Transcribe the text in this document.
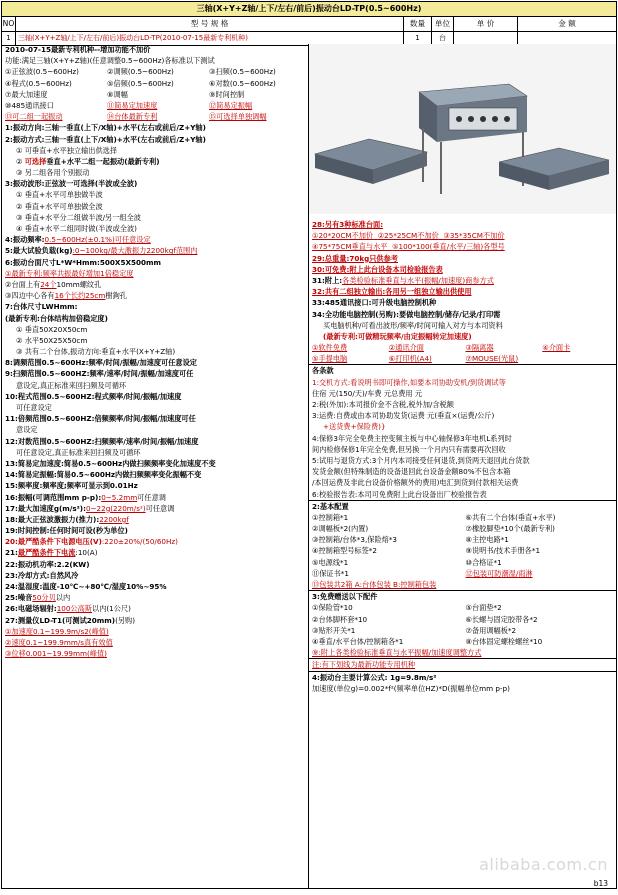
三轴(X+Y+Z轴/上下/左右/前后)振动台LD-TP(0.5~600Hz)
NO	型 号 规 格	数量	单位	单 价	金 额
1	三轴(X+Y+Z轴/上下/左右/前后)振动台LD-TP(2010-07-15最新专利机种)	1	台
2010-07-15最新专利机种--增加功能不加价
功能:满足三轴(X+Y+Z轴)(任意调整0.5~600Hz)各标准以下测试
①正弦波(0.5~600Hz)	②调频(0.5~600Hz)	③扫频(0.5~600Hz)
④程式(0.5~600Hz)	⑤倍频(0.5~600Hz)	⑥对数(0.5~600Hz)
⑦最大加速度	⑧调幅	⑨时间控制
⑩485通讯接口	⑪简易定加速度	⑫简易定振幅
⑬可二组一起振动	⑭台体最新专利	⑮可选择单独调幅
1:振动方向:三轴一垂直(上下/X轴)+水平(左右或前后/Z+Y轴)
2:振动方式:三轴一垂直(上下/X轴)+水平(左右或前后/Z+Y轴)
① 可垂直+水平独立输出供选择
② 可选择垂直+水平二组一起振动(最新专利)
③ 另二组各用个别振动
3:振动波形:正弦波一可选择(半波或全波)
① 垂直+水平可单独做半波
② 垂直+水平可单独做全波
③ 垂直+水平分二组做半波/另一组全波
④ 垂直+水平二组同时做(半波或全波)
4:振动频率:0.5~600Hz(±0.1%)可任意设定
5:最大试验负载(kg):0~100kg/最大激振力2200kgf范围内
6:振动台面尺寸L*W*Hmm:500X5X500mm
①最新专利:频率共振最好增加1倍稳定度
②台面上有24个10mm螺纹孔
③四边中心各有16个长约25cm樹鉤孔
7:台体尺寸LWHmm:
(最新专利:台体结构加倍稳定度)
① 垂直50X20X50cm
② 水平50X25X50cm
③ 共有二个台体,振动方向:垂直+水平(X+Y+Z轴)
8:调频范围0.5~600Hz:频率/时间/振幅/加速度可任意设定
9:扫频范围0.5~600HZ:频率/速率/时间/振幅/加速度可任
意设定,真正标准来回扫频及可循环
10:程式范围0.5~600HZ:程式频率/时间/振幅/加速度
可任意设定
11:倍频范围0.5~600HZ:倍频频率/时间/振幅/加速度可任
意设定
12:对数范围0.5~600HZ:扫频频率/速率/时间/振幅/加速度
可任意设定,真正标准来回扫频及可循环
13:简易定加速度:简易0.5~600Hz内做扫频频率变化加速度不变
14:简易定振幅:简易0.5~600Hz内做扫频频率变化振幅不变
15:频率度:频率度;频率可显示到0.01Hz
16:振幅(可调范围mm p-p):0~5.2mm可任意调
17:最大加速度g(m/s²):0~22g(220m/s²)可任意调
18:最大正弦波激振力(推力):2200kgf
19:时间控制:任何时间可设(秒为单位)
20:最严酷条件下电源电压(V):220±20%/(50/60Hz)
21:最严酷条件下电流:10(A)
22:振动机功率:2.2(KW)
23:冷却方式:自然风冷
24:温湿度:温度-10℃~+80℃/湿度10%~95%
25:噪音50分贝以内
26:电磁场辐射:100公高斯以内(1公尺)
27:测量仪LD-T1(可测试20mm)(另购)
①加速度0.1~199.9m/s2(峰值)
②速度0.1~199.9mm/s真有效值
③位移0.001~19.99mm(峰值)
28:另有3种标准台面:
①20*20CM不加价 ②25*25CM不加价 ③35*35CM不加价
④75*75CM垂直与水平 ⑤100*100(垂直/水平/三轴)各型号
29:总重量:70kg只供参考
30:可免费:附上此台设备本司检验报告表
31:附上:各类检验标准垂直与水平(振幅/加速度)商参方式
32:共有二组独立输出:各用另一组独立输出供使用
33:485通讯接口:可升级电脑控制机种
34:全功能电脑控制(另购):要做电脑控制/储存/记录/打印需
买电脑机种/可看出波形/频率/时间可输入对方与本司资料
(最新专利:可做精玩频率/由定振幅转定加速度)
①软件免费	②通讯介面	③隔离器	④介面卡
⑤手提电脑	⑥打印机(A4)	⑦MOUSE(光鼠)
各条款
1:交机方式:看说明书即可操作,如要本司协助安机/到货调试等
住宿 元(150/天)/车费 元总费用 元
2:税(外加):本司报价金不含税,税外加/含税额
3:运费:自费或由本司协助发货(运费 元(垂直×(运费/公斤)
+送货费+保险费)}
4:保修3年完全免费主控变频主板与中心轴保修3年电机L系列时
间内检修保修1年完全免费,但另换一个月内只有需要再次回收
5:试用与退货方式:3个月内本司接受任何退货,到货两天退回此台货款
发货金额(但特殊制造的设备退回此台设备金额80%不包含本箱
/本回运费及非此台设备价格额外的费用)电汇到货到付款相关运费
6:校验报告表:本司可免费附上此台设备出厂校验报告表
2:基本配置
①控制箱*1	⑥共有二个台体(垂直+水平)
②调幅板*2(内置)	⑦橡胶脚垫*10个(最新专利)
③控制箱/台体*3,保险熔*3	⑧主控电路*1
④控制箱型号标签*2	⑨说明书/技术手册各*1
⑤电源线*1	⑩合格证*1
⑪保证书*1	⑫包装可防潮湿/雨淋
⑬包装共2箱 A:台体包装 B:控制箱包装
3:免费赠送以下配件
①保险管*10	⑤台面垫*2
②台体脚杯套*10	⑥长螺与固定胶带各*2
③贴形开关*1	⑦备用调幅板*2
④垂直/水平台体/控制箱各*1	⑧台体固定螺栓螺丝*10
⑨:附上各类检验标准垂直与水平振幅/加速度调整方式
注:有下划线为最新功能专用机种
4:振动台主要计算公式: 1g=9.8m/s²
加速度(单位g)=0.002*f²(频率单位HZ)*D(振幅单位mm p-p)
alibaba.com.cn
b13
